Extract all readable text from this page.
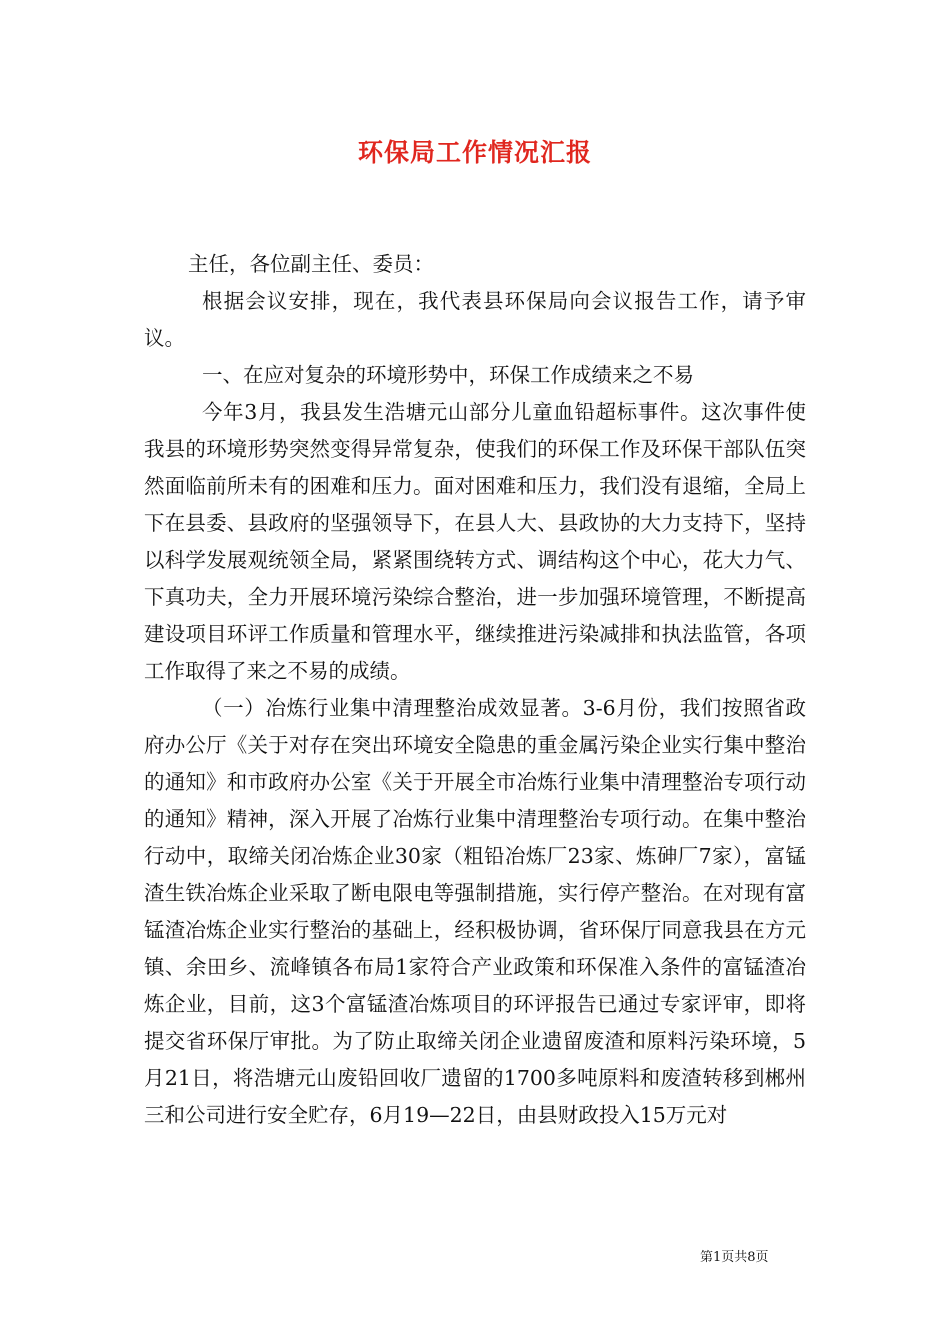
环保局工作情况汇报

主任，各位副主任、委员：

根据会议安排，现在，我代表县环保局向会议报告工作，请予审议。

一、在应对复杂的环境形势中，环保工作成绩来之不易

今年3月，我县发生浩塘元山部分儿童血铅超标事件。这次事件使我县的环境形势突然变得异常复杂，使我们的环保工作及环保干部队伍突然面临前所未有的困难和压力。面对困难和压力，我们没有退缩，全局上下在县委、县政府的坚强领导下，在县人大、县政协的大力支持下，坚持以科学发展观统领全局，紧紧围绕转方式、调结构这个中心，花大力气、下真功夫，全力开展环境污染综合整治，进一步加强环境管理，不断提高建设项目环评工作质量和管理水平，继续推进污染减排和执法监管，各项工作取得了来之不易的成绩。

（一）冶炼行业集中清理整治成效显著。3-6月份，我们按照省政府办公厅《关于对存在突出环境安全隐患的重金属污染企业实行集中整治的通知》和市政府办公室《关于开展全市冶炼行业集中清理整治专项行动的通知》精神，深入开展了冶炼行业集中清理整治专项行动。在集中整治行动中，取缔关闭冶炼企业30家（粗铅冶炼厂23家、炼砷厂7家），富锰渣生铁冶炼企业采取了断电限电等强制措施，实行停产整治。在对现有富锰渣冶炼企业实行整治的基础上，经积极协调，省环保厅同意我县在方元镇、余田乡、流峰镇各布局1家符合产业政策和环保准入条件的富锰渣冶炼企业，目前，这3个富锰渣冶炼项目的环评报告已通过专家评审，即将提交省环保厅审批。为了防止取缔关闭企业遗留废渣和原料污染环境，5月21日，将浩塘元山废铅回收厂遗留的1700多吨原料和废渣转移到郴州三和公司进行安全贮存，6月19—22日，由县财政投入15万元对

第1页共8页
